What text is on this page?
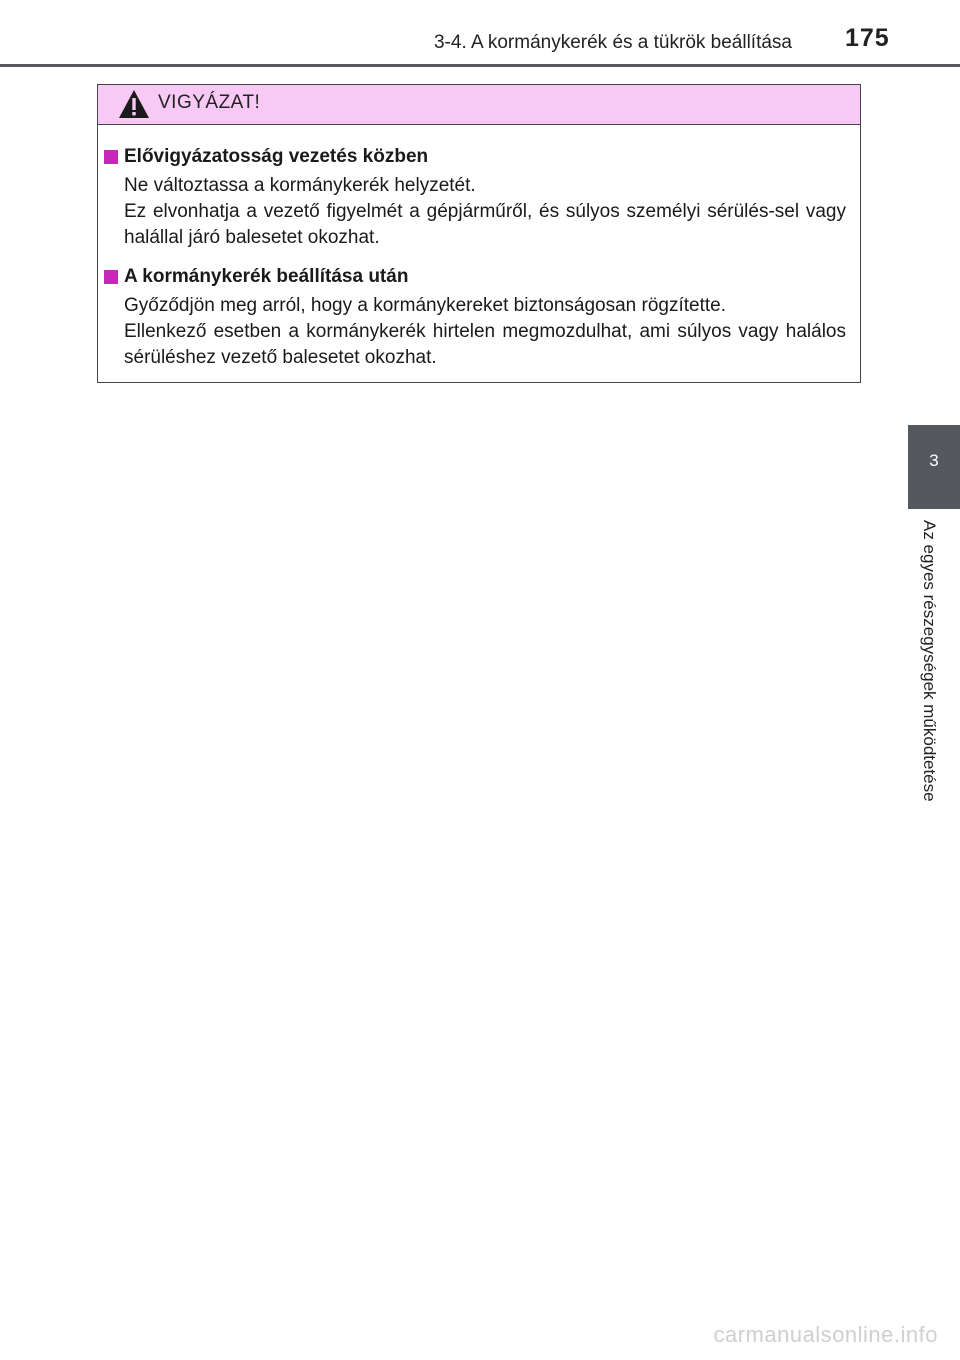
3-4. A kormánykerék és a tükrök beállítása 175
VIGYÁZAT!
Elővigyázatosság vezetés közben

Ne változtassa a kormánykerék helyzetét.

Ez elvonhatja a vezető figyelmét a gépjárműről, és súlyos személyi sérülés-sel vagy halállal járó balesetet okozhat.

A kormánykerék beállítása után

Győződjön meg arról, hogy a kormánykereket biztonságosan rögzítette.

Ellenkező esetben a kormánykerék hirtelen megmozdulhat, ami súlyos vagy halálos sérüléshez vezető balesetet okozhat.

3
Az egyes részegységek működtetése
carmanualsonline.info
